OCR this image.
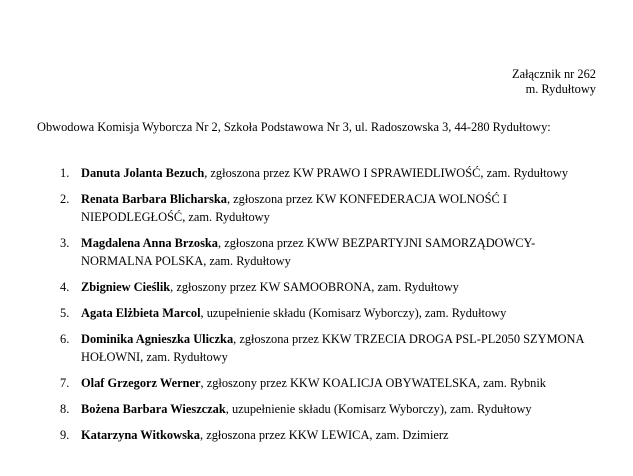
Załącznik nr 262
m. Rydułtowy
Obwodowa Komisja Wyborcza Nr 2, Szkoła Podstawowa Nr 3, ul. Radoszowska 3, 44-280 Rydułtowy:
1. Danuta Jolanta Bezuch, zgłoszona przez KW PRAWO I SPRAWIEDLIWOŚĆ, zam. Rydułtowy
2. Renata Barbara Blicharska, zgłoszona przez KW KONFEDERACJA WOLNOŚĆ I NIEPODLEGŁOŚĆ, zam. Rydułtowy
3. Magdalena Anna Brzoska, zgłoszona przez KWW BEZPARTYJNI SAMORZĄDOWCY-NORMALNA POLSKA, zam. Rydułtowy
4. Zbigniew Cieślik, zgłoszony przez KW SAMOOBRONA, zam. Rydułtowy
5. Agata Elżbieta Marcol, uzupełnienie składu (Komisarz Wyborczy), zam. Rydułtowy
6. Dominika Agnieszka Uliczka, zgłoszona przez KKW TRZECIA DROGA PSL-PL2050 SZYMONA HOŁOWNI, zam. Rydułtowy
7. Olaf Grzegorz Werner, zgłoszony przez KKW KOALICJA OBYWATELSKA, zam. Rybnik
8. Bożena Barbara Wieszczak, uzupełnienie składu (Komisarz Wyborczy), zam. Rydułtowy
9. Katarzyna Witkowska, zgłoszona przez KKW LEWICA, zam. Dzimierz
